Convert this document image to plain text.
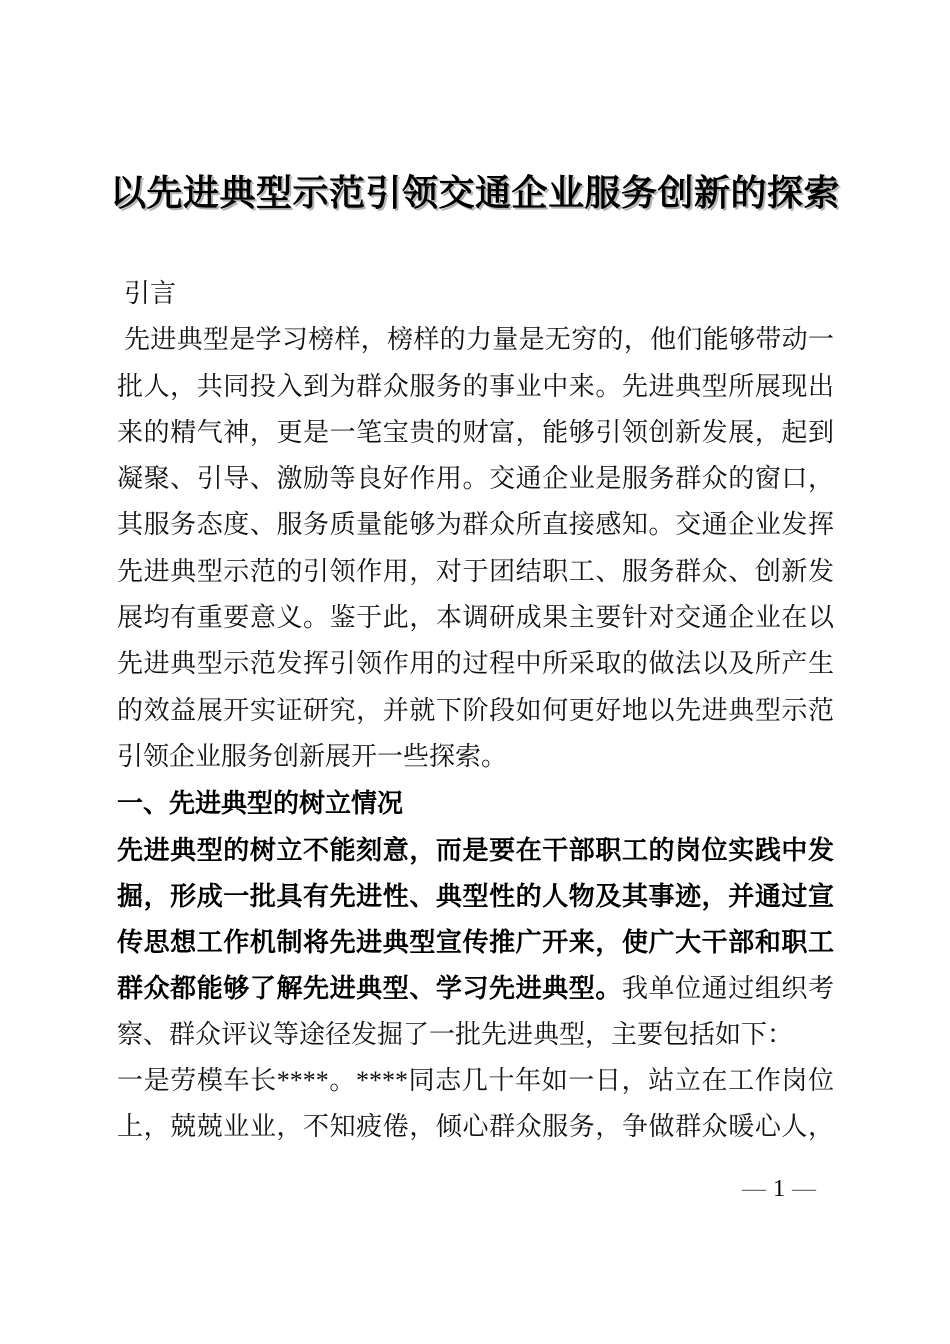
以先进典型示范引领交通企业服务创新的探索
引言
先进典型是学习榜样，榜样的力量是无穷的，他们能够带动一
批人，共同投入到为群众服务的事业中来。先进典型所展现出
来的精气神，更是一笔宝贵的财富，能够引领创新发展，起到
凝聚、引导、激励等良好作用。交通企业是服务群众的窗口，
其服务态度、服务质量能够为群众所直接感知。交通企业发挥
先进典型示范的引领作用，对于团结职工、服务群众、创新发
展均有重要意义。鉴于此，本调研成果主要针对交通企业在以
先进典型示范发挥引领作用的过程中所采取的做法以及所产生
的效益展开实证研究，并就下阶段如何更好地以先进典型示范
引领企业服务创新展开一些探索。
一、先进典型的树立情况
先进典型的树立不能刻意，而是要在干部职工的岗位实践中发
掘，形成一批具有先进性、典型性的人物及其事迹，并通过宣
传思想工作机制将先进典型宣传推广开来，使广大干部和职工
群众都能够了解先进典型、学习先进典型。我单位通过组织考
察、群众评议等途径发掘了一批先进典型，主要包括如下：
一是劳模车长****。****同志几十年如一日，站立在工作岗位
上，兢兢业业，不知疲倦，倾心群众服务，争做群众暖心人，
— 1 —
